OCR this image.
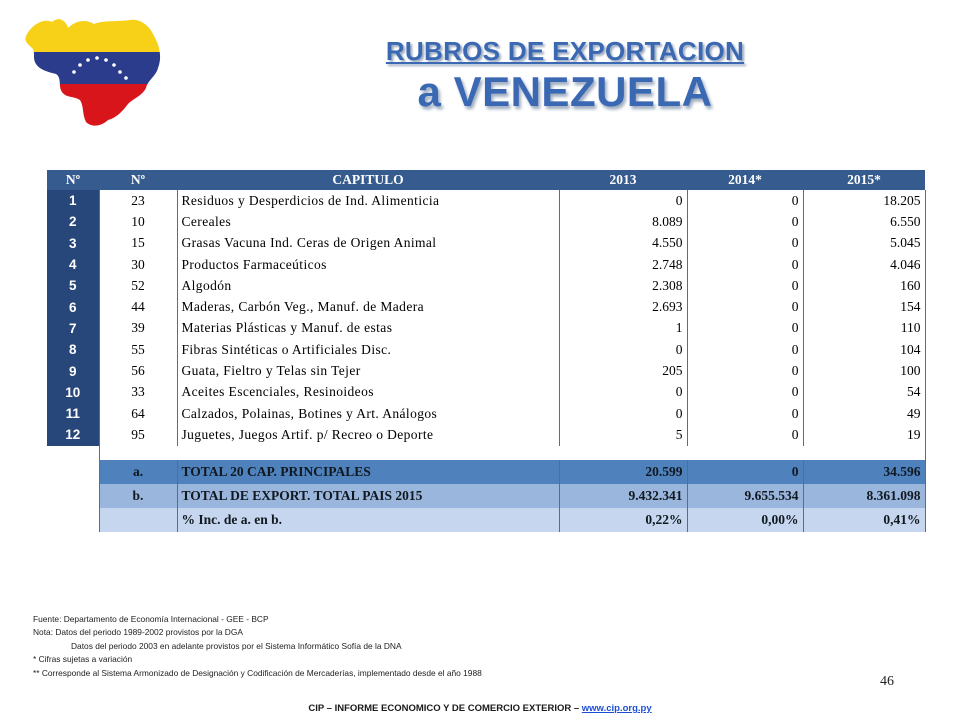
RUBROS DE EXPORTACION
a VENEZUELA
Nº	Nº	CAPITULO	2013	2014*	2015*
1	23	Residuos y Desperdicios de Ind. Alimenticia	0	0	18.205
2	10	Cereales	8.089	0	6.550
3	15	Grasas Vacuna Ind. Ceras de Origen Animal	4.550	0	5.045
4	30	Productos Farmaceúticos	2.748	0	4.046
5	52	Algodón	2.308	0	160
6	44	Maderas, Carbón Veg., Manuf. de Madera	2.693	0	154
7	39	Materias Plásticas y Manuf. de estas	1	0	110
8	55	Fibras Sintéticas o Artificiales Disc.	0	0	104
9	56	Guata, Fieltro y Telas sin Tejer	205	0	100
10	33	Aceites Escenciales, Resinoideos	0	0	54
11	64	Calzados, Polainas, Botines y Art. Análogos	0	0	49
12	95	Juguetes, Juegos Artif. p/ Recreo o Deporte	5	0	19

	a.	TOTAL 20 CAP. PRINCIPALES	20.599	0	34.596
	b.	TOTAL DE EXPORT. TOTAL PAIS 2015	9.432.341	9.655.534	8.361.098
		% Inc. de a. en b.	0,22%	0,00%	0,41%
Fuente: Departamento de Economía Internacional - GEE - BCP
Nota: Datos del periodo 1989-2002 provistos por la DGA
Datos del periodo 2003 en adelante provistos por el Sistema Informático Sofía de la DNA
* Cifras sujetas a variación
** Corresponde al Sistema Armonizado de Designación y Codificación de Mercaderías, implementado desde el año 1988
46
CIP – INFORME ECONOMICO Y DE COMERCIO EXTERIOR – www.cip.org.py
